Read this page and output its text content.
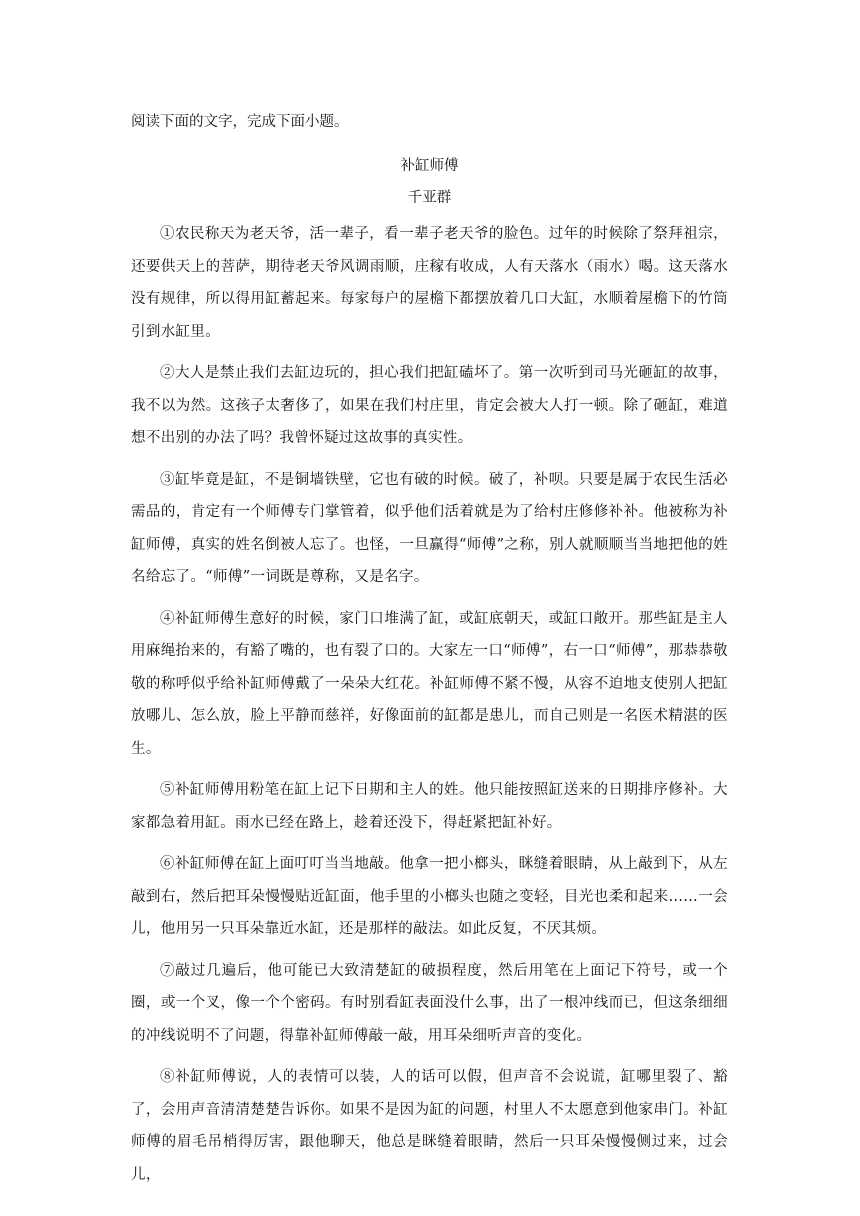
阅读下面的文字，完成下面小题。

补缸师傅

千亚群

①农民称天为老天爷，活一辈子，看一辈子老天爷的脸色。过年的时候除了祭拜祖宗，还要供天上的菩萨，期待老天爷风调雨顺，庄稼有收成，人有天落水（雨水）喝。这天落水没有规律，所以得用缸蓄起来。每家每户的屋檐下都摆放着几口大缸，水顺着屋檐下的竹筒引到水缸里。

②大人是禁止我们去缸边玩的，担心我们把缸磕坏了。第一次听到司马光砸缸的故事，我不以为然。这孩子太奢侈了，如果在我们村庄里，肯定会被大人打一顿。除了砸缸，难道想不出别的办法了吗？我曾怀疑过这故事的真实性。

③缸毕竟是缸，不是铜墙铁壁，它也有破的时候。破了，补呗。只要是属于农民生活必需品的，肯定有一个师傅专门掌管着，似乎他们活着就是为了给村庄修修补补。他被称为补缸师傅，真实的姓名倒被人忘了。也怪，一旦赢得“师傅”之称，别人就顺顺当当地把他的姓名给忘了。“师傅”一词既是尊称，又是名字。

④补缸师傅生意好的时候，家门口堆满了缸，或缸底朝天，或缸口敞开。那些缸是主人用麻绳抬来的，有豁了嘴的，也有裂了口的。大家左一口“师傅”，右一口“师傅”，那恭恭敬敬的称呼似乎给补缸师傅戴了一朵朵大红花。补缸师傅不紧不慢，从容不迫地支使别人把缸放哪儿、怎么放，脸上平静而慈祥，好像面前的缸都是患儿，而自己则是一名医术精湛的医生。

⑤补缸师傅用粉笔在缸上记下日期和主人的姓。他只能按照缸送来的日期排序修补。大家都急着用缸。雨水已经在路上，趁着还没下，得赶紧把缸补好。

⑥补缸师傅在缸上面叮叮当当地敲。他拿一把小榔头，眯缝着眼睛，从上敲到下，从左敲到右，然后把耳朵慢慢贴近缸面，他手里的小榔头也随之变轻，目光也柔和起来……一会儿，他用另一只耳朵靠近水缸，还是那样的敲法。如此反复，不厌其烦。

⑦敲过几遍后，他可能已大致清楚缸的破损程度，然后用笔在上面记下符号，或一个圈，或一个叉，像一个个密码。有时别看缸表面没什么事，出了一根冲线而已，但这条细细的冲线说明不了问题，得靠补缸师傅敲一敲，用耳朵细听声音的变化。

⑧补缸师傅说，人的表情可以装，人的话可以假，但声音不会说谎，缸哪里裂了、豁了，会用声音清清楚楚告诉你。如果不是因为缸的问题，村里人不太愿意到他家串门。补缸师傅的眉毛吊梢得厉害，跟他聊天，他总是眯缝着眼睛，然后一只耳朵慢慢侧过来，过会儿，
